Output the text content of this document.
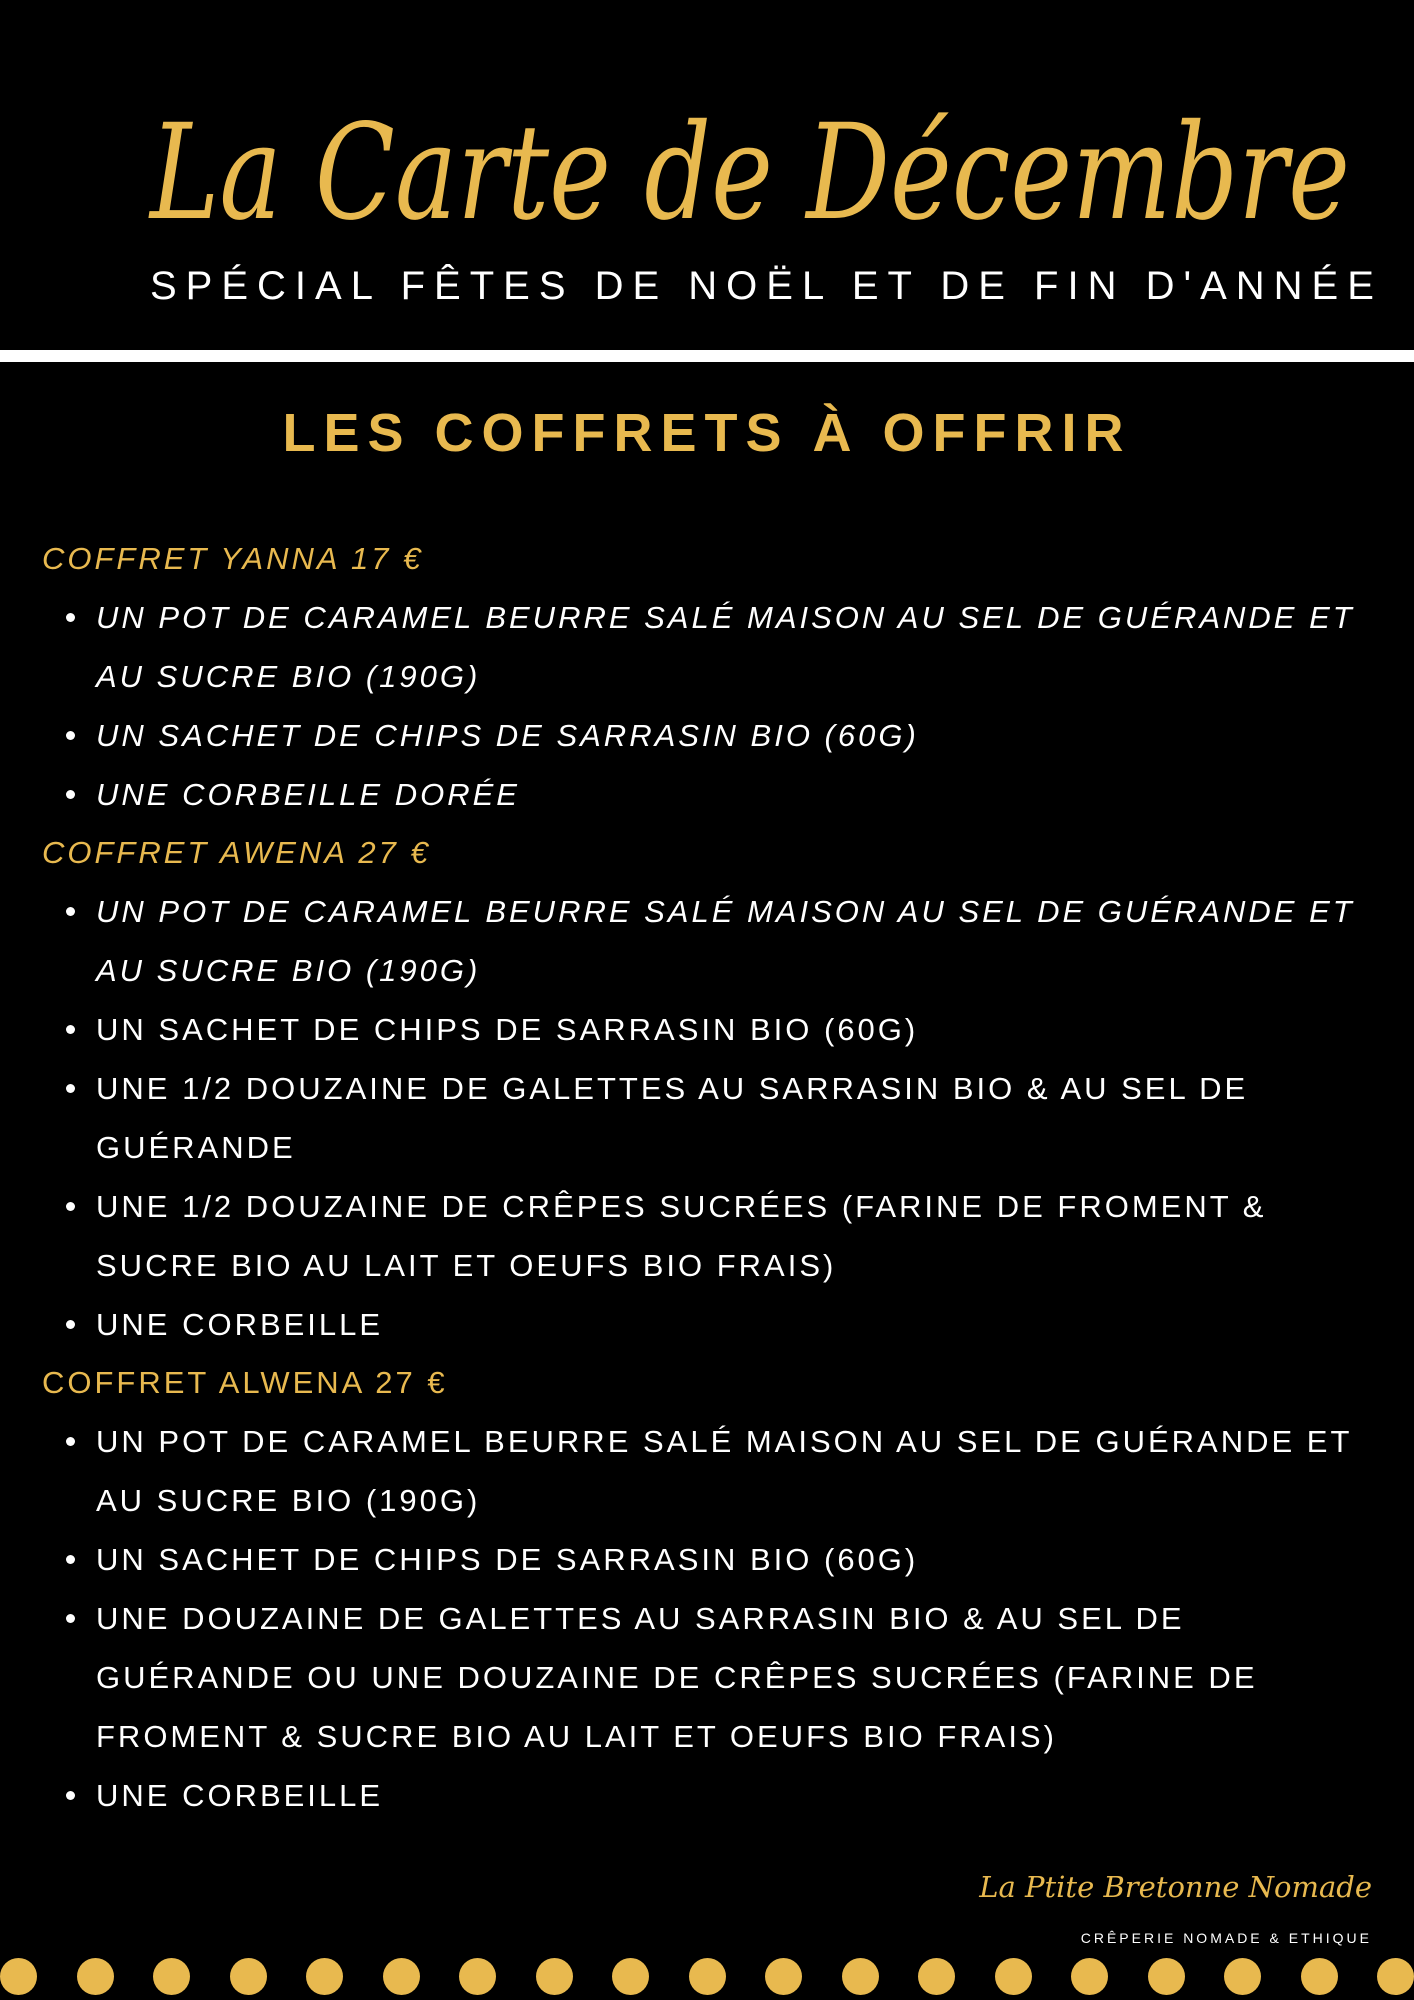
La Carte de Décembre
SPÉCIAL FÊTES DE NOËL ET DE FIN D'ANNÉE
LES COFFRETS À OFFRIR
COFFRET YANNA 17 €
UN POT DE CARAMEL BEURRE SALÉ MAISON AU SEL DE GUÉRANDE ET AU SUCRE BIO (190G)
UN SACHET DE CHIPS DE SARRASIN BIO (60G)
UNE CORBEILLE DORÉE
COFFRET AWENA 27 €
UN POT DE CARAMEL BEURRE SALÉ MAISON AU SEL DE GUÉRANDE ET AU SUCRE BIO (190G)
UN SACHET DE CHIPS DE SARRASIN BIO (60G)
UNE 1/2 DOUZAINE DE GALETTES AU SARRASIN BIO & AU SEL DE GUÉRANDE
UNE 1/2 DOUZAINE DE CRÊPES SUCRÉES (FARINE DE FROMENT & SUCRE BIO AU LAIT ET OEUFS BIO FRAIS)
UNE CORBEILLE
COFFRET ALWENA 27 €
UN POT DE CARAMEL BEURRE SALÉ MAISON AU SEL DE GUÉRANDE ET AU SUCRE BIO (190G)
UN SACHET DE CHIPS DE SARRASIN BIO (60G)
UNE DOUZAINE DE GALETTES AU SARRASIN BIO & AU SEL DE GUÉRANDE OU UNE DOUZAINE DE CRÊPES SUCRÉES (FARINE DE FROMENT & SUCRE BIO AU LAIT ET OEUFS BIO FRAIS)
UNE CORBEILLE
La Ptite Bretonne Nomade
CRÊPERIE NOMADE & ETHIQUE
